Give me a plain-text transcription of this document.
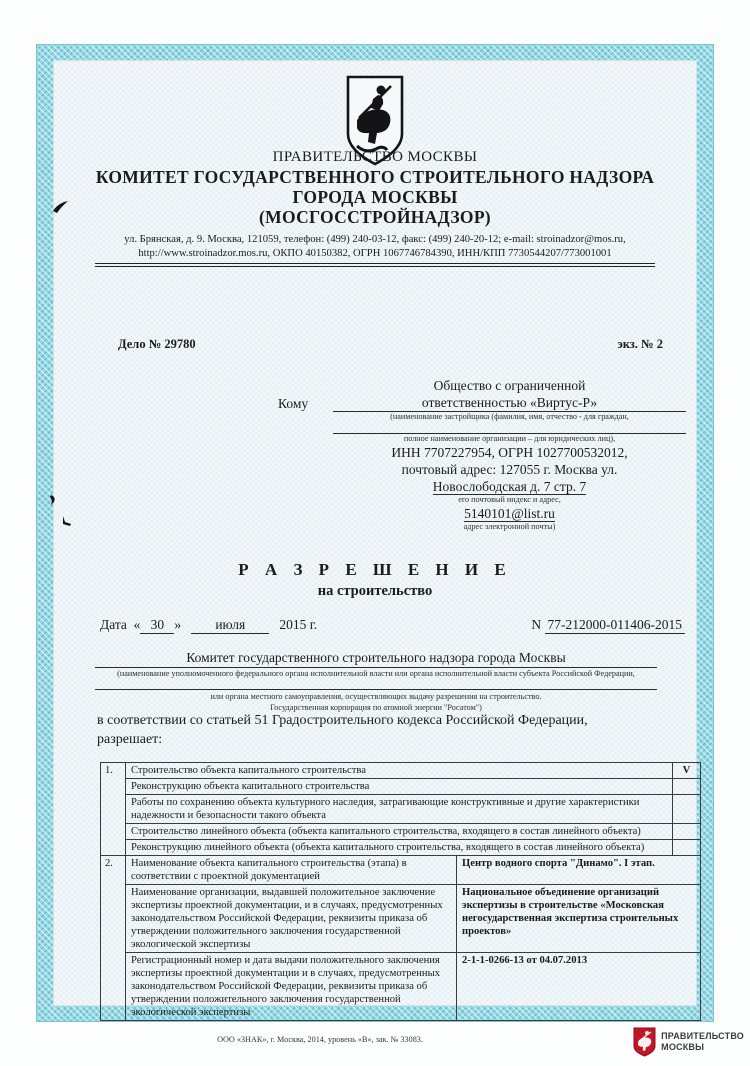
ПРАВИТЕЛЬСТВО МОСКВЫ
КОМИТЕТ ГОСУДАРСТВЕННОГО СТРОИТЕЛЬНОГО НАДЗОРА
ГОРОДА МОСКВЫ
(МОСГОССТРОЙНАДЗОР)
ул. Брянская, д. 9. Москва, 121059, телефон: (499) 240-03-12, факс: (499) 240-20-12; e-mail: stroinadzor@mos.ru,
http://www.stroinadzor.mos.ru, ОКПО 40150382, ОГРН 1067746784390, ИНН/КПП 7730544207/773001001
Дело № 29780	экз. № 2
Общество с ограниченной
Кому	ответственностью «Виртус-Р»
(наименование застройщика (фамилия, имя, отчество - для граждан,
полное наименование организации – для юридических лиц),
ИНН 7707227954, ОГРН 1027700532012,
почтовый адрес: 127055 г. Москва ул.
Новослободская д. 7 стр. 7
его почтовый индекс и адрес,
5140101@list.ru
адрес электронной почты)
Р А З Р Е Ш Е Н И Е
на строительство
Дата « 30 »	июля	2015 г.	N 77-212000-011406-2015
Комитет государственного строительного надзора города Москвы
(наименование уполномоченного федерального органа исполнительной власти или органа исполнительной власти субъекта Российской Федерации,
или органа местного самоуправления, осуществляющих выдачу разрешения на строительство.
Государственная корпорация по атомной энергии "Росатом")
в соответствии со статьей 51 Градостроительного кодекса Российской Федерации,
разрешает:
1.	Строительство объекта капитального строительства	V
	Реконструкцию объекта капитального строительства	
	Работы по сохранению объекта культурного наследия, затрагивающие конструктивные и другие характеристики надежности и безопасности такого объекта	
	Строительство линейного объекта (объекта капитального строительства, входящего в состав линейного объекта)	
	Реконструкцию линейного объекта (объекта капитального строительства, входящего в состав линейного объекта)	
2.	Наименование объекта капитального строительства (этапа) в соответствии с проектной документацией	Центр водного спорта "Динамо". I этап.
	Наименование организации, выдавшей положительное заключение экспертизы проектной документации, и в случаях, предусмотренных законодательством Российской Федерации, реквизиты приказа об утверждении положительного заключения государственной экологической экспертизы	Национальное объединение организаций экспертизы в строительстве «Московская негосударственная экспертиза строительных проектов»
	Регистрационный номер и дата выдачи положительного заключения экспертизы проектной документации и в случаях, предусмотренных законодательством Российской Федерации, реквизиты приказа об утверждении положительного заключения государственной экологической экспертизы	2-1-1-0266-13 от 04.07.2013
ООО «ЗНАК», г. Москва, 2014, уровень «В», зак. № 33083.	ПРАВИТЕЛЬСТВО
МОСКВЫ
